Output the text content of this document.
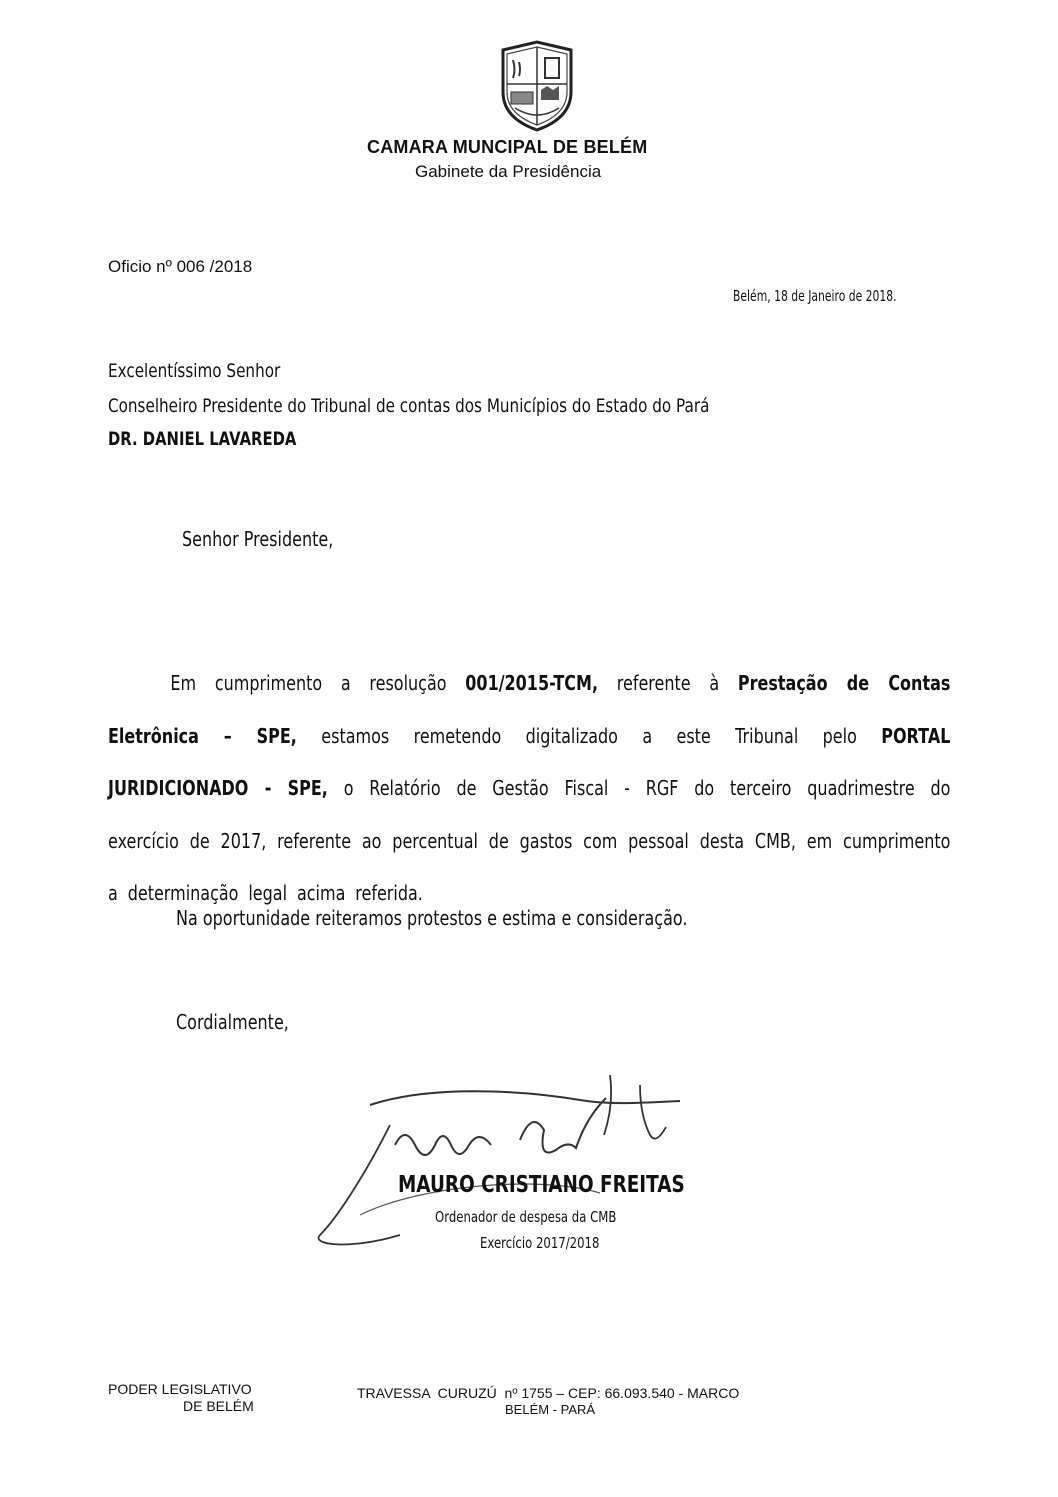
CAMARA MUNCIPAL DE BELÉM
Gabinete da Presidência
Oficio nº 006 /2018
Belém, 18 de Janeiro de 2018.
Excelentíssimo Senhor
Conselheiro Presidente do Tribunal de contas dos Municípios do Estado do Pará
DR. DANIEL LAVAREDA
Senhor Presidente,
Em cumprimento a resolução 001/2015-TCM, referente à Prestação de Contas Eletrônica – SPE, estamos remetendo digitalizado a este Tribunal pelo PORTAL JURIDICIONADO - SPE, o Relatório de Gestão Fiscal - RGF do terceiro quadrimestre do exercício de 2017, referente ao percentual de gastos com pessoal desta CMB, em cumprimento a determinação legal acima referida.
Na oportunidade reiteramos protestos e estima e consideração.
Cordialmente,
MAURO CRISTIANO FREITAS
Ordenador de despesa da CMB
Exercício 2017/2018
PODER LEGISLATIVO
DE BELÉM
TRAVESSA  CURUZÚ  nº 1755 – CEP: 66.093.540 - MARCO
BELÉM - PARÁ
